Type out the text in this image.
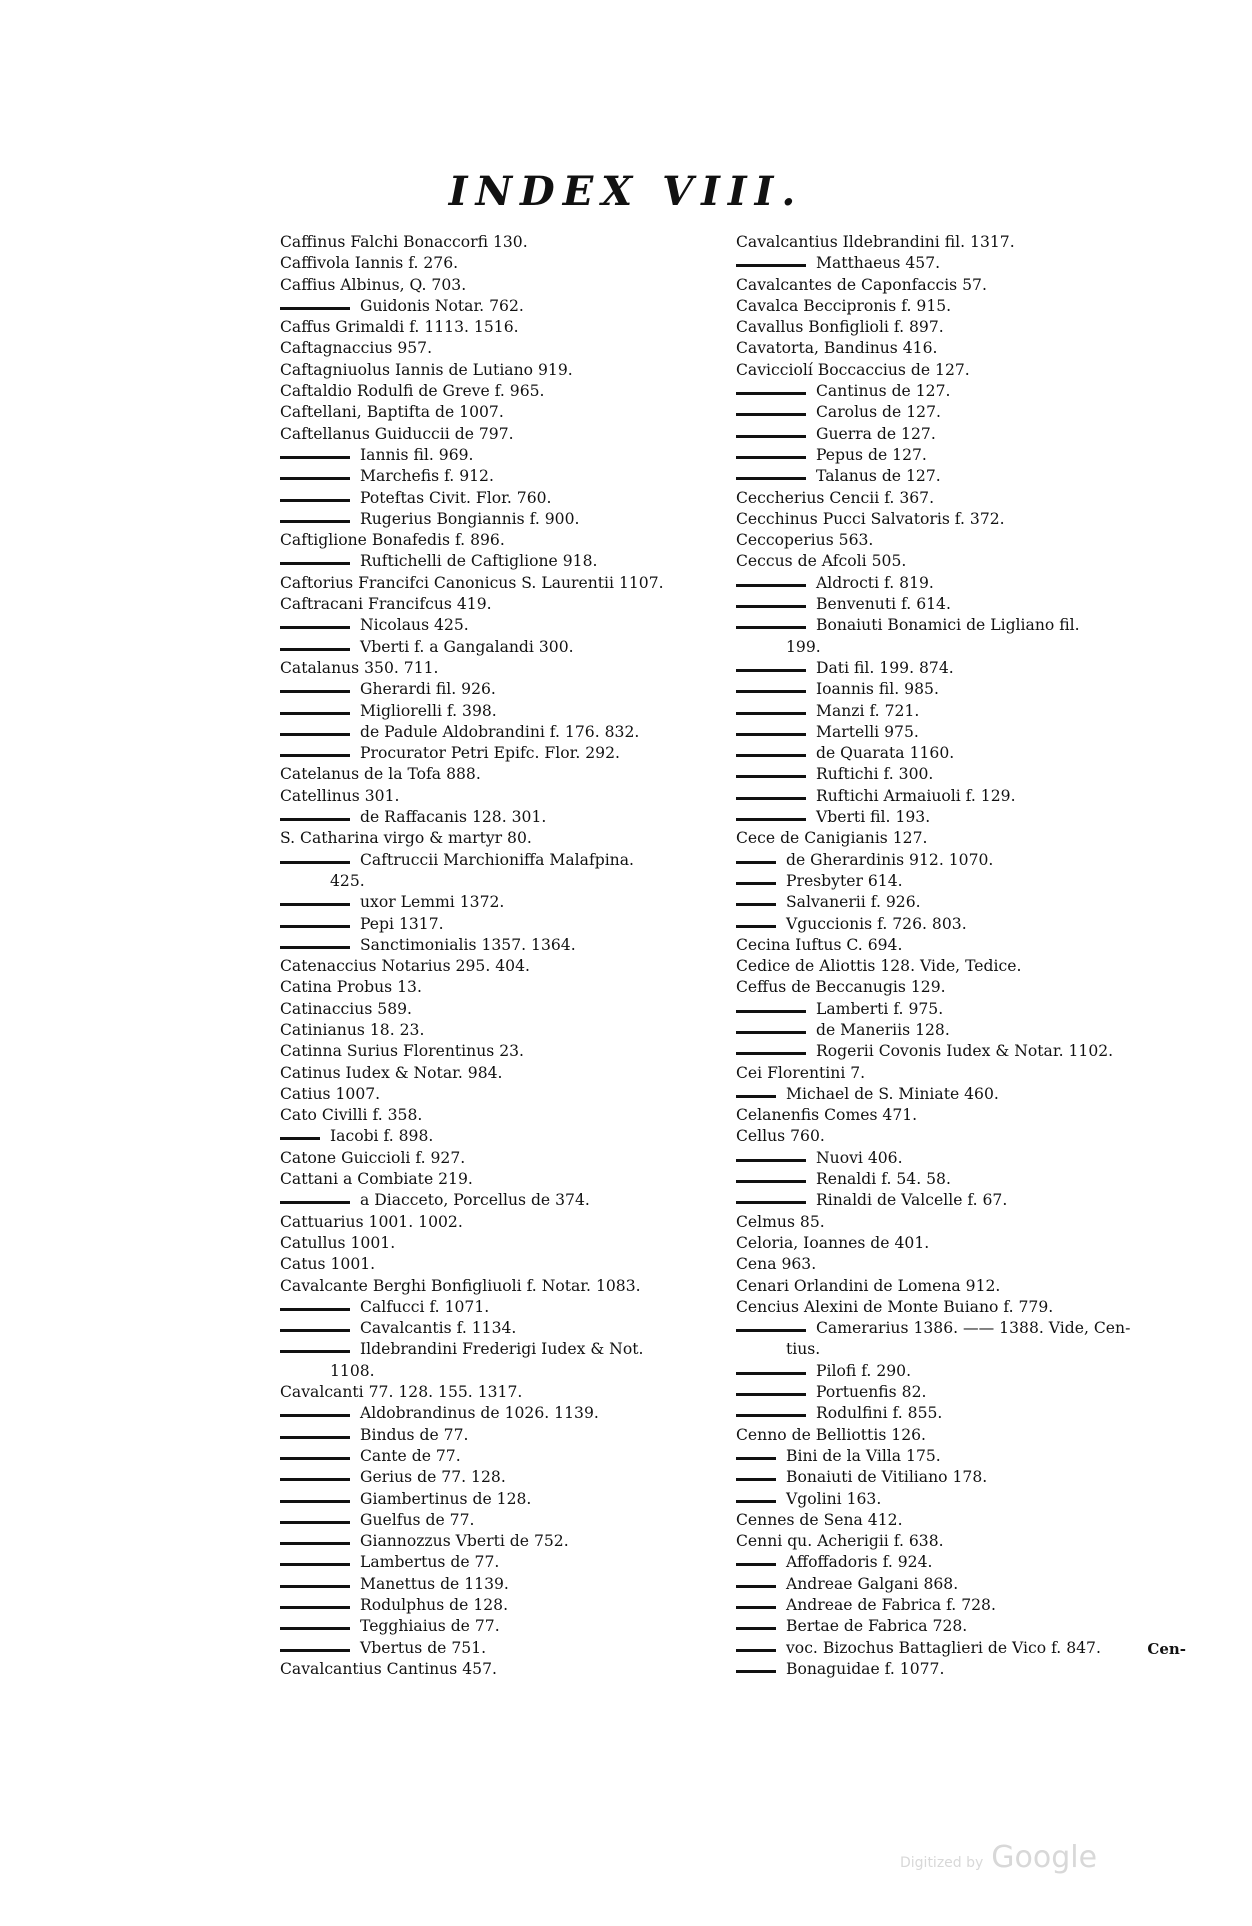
INDEX VIII.
Caffinus Falchi Bonaccorfi 130.
Caffivola Iannis f. 276.
Caffius Albinus, Q. 703.
Guidonis Notar. 762.
Caffus Grimaldi f. 1113. 1516.
Caftagnaccius 957.
Caftagniuolus Iannis de Lutiano 919.
Caftaldio Rodulfi de Greve f. 965.
Caftellani, Baptifta de 1007.
Caftellanus Guiduccii de 797.
Iannis fil. 969.
Marchefis f. 912.
Poteftas Civit. Flor. 760.
Rugerius Bongiannis f. 900.
Caftiglione Bonafedis f. 896.
Ruftichelli de Caftiglione 918.
Caftorius Francifci Canonicus S. Laurentii 1107.
Caftracani Francifcus 419.
Nicolaus 425.
Vberti f. a Gangalandi 300.
Catalanus 350. 711.
Gherardi fil. 926.
Migliorelli f. 398.
de Padule Aldobrandini f. 176. 832.
Procurator Petri Epifc. Flor. 292.
Catelanus de la Tofa 888.
Catellinus 301.
de Raffacanis 128. 301.
S. Catharina virgo & martyr 80.
Caftruccii Marchioniffa Malafpina.
425.
uxor Lemmi 1372.
Pepi 1317.
Sanctimonialis 1357. 1364.
Catenaccius Notarius 295. 404.
Catina Probus 13.
Catinaccius 589.
Catinianus 18. 23.
Catinna Surius Florentinus 23.
Catinus Iudex & Notar. 984.
Catius 1007.
Cato Civilli f. 358.
Iacobi f. 898.
Catone Guiccioli f. 927.
Cattani a Combiate 219.
a Diacceto, Porcellus de 374.
Cattuarius 1001. 1002.
Catullus 1001.
Catus 1001.
Cavalcante Berghi Bonfigliuoli f. Notar. 1083.
Calfucci f. 1071.
Cavalcantis f. 1134.
Ildebrandini Frederigi Iudex & Not.
1108.
Cavalcanti 77. 128. 155. 1317.
Aldobrandinus de 1026. 1139.
Bindus de 77.
Cante de 77.
Gerius de 77. 128.
Giambertinus de 128.
Guelfus de 77.
Giannozzus Vberti de 752.
Lambertus de 77.
Manettus de 1139.
Rodulphus de 128.
Tegghiaius de 77.
Vbertus de 751.
Cavalcantius Cantinus 457.
Cavalcantius Ildebrandini fil. 1317.
Matthaeus 457.
Cavalcantes de Caponfaccis 57.
Cavalca Beccipronis f. 915.
Cavallus Bonfiglioli f. 897.
Cavatorta, Bandinus 416.
Cavicciolí Boccaccius de 127.
Cantinus de 127.
Carolus de 127.
Guerra de 127.
Pepus de 127.
Talanus de 127.
Ceccherius Cencii f. 367.
Cecchinus Pucci Salvatoris f. 372.
Ceccoperius 563.
Ceccus de Afcoli 505.
Aldrocti f. 819.
Benvenuti f. 614.
Bonaiuti Bonamici de Ligliano fil.
199.
Dati fil. 199. 874.
Ioannis fil. 985.
Manzi f. 721.
Martelli 975.
de Quarata 1160.
Ruftichi f. 300.
Ruftichi Armaiuoli f. 129.
Vberti fil. 193.
Cece de Canigianis 127.
de Gherardinis 912. 1070.
Presbyter 614.
Salvanerii f. 926.
Vguccionis f. 726. 803.
Cecina Iuftus C. 694.
Cedice de Aliottis 128. Vide, Tedice.
Ceffus de Beccanugis 129.
Lamberti f. 975.
de Maneriis 128.
Rogerii Covonis Iudex & Notar. 1102.
Cei Florentini 7.
Michael de S. Miniate 460.
Celanenfis Comes 471.
Cellus 760.
Nuovi 406.
Renaldi f. 54. 58.
Rinaldi de Valcelle f. 67.
Celmus 85.
Celoria, Ioannes de 401.
Cena 963.
Cenari Orlandini de Lomena 912.
Cencius Alexini de Monte Buiano f. 779.
Camerarius 1386. —— 1388. Vide, Cen-
tius.
Pilofi f. 290.
Portuenfis 82.
Rodulfini f. 855.
Cenno de Belliottis 126.
Bini de la Villa 175.
Bonaiuti de Vitiliano 178.
Vgolini 163.
Cennes de Sena 412.
Cenni qu. Acherigii f. 638.
Affoffadoris f. 924.
Andreae Galgani 868.
Andreae de Fabrica f. 728.
Bertae de Fabrica 728.
voc. Bizochus Battaglieri de Vico f. 847.
Bonaguidae f. 1077.
Cen-
Digitized by Google
